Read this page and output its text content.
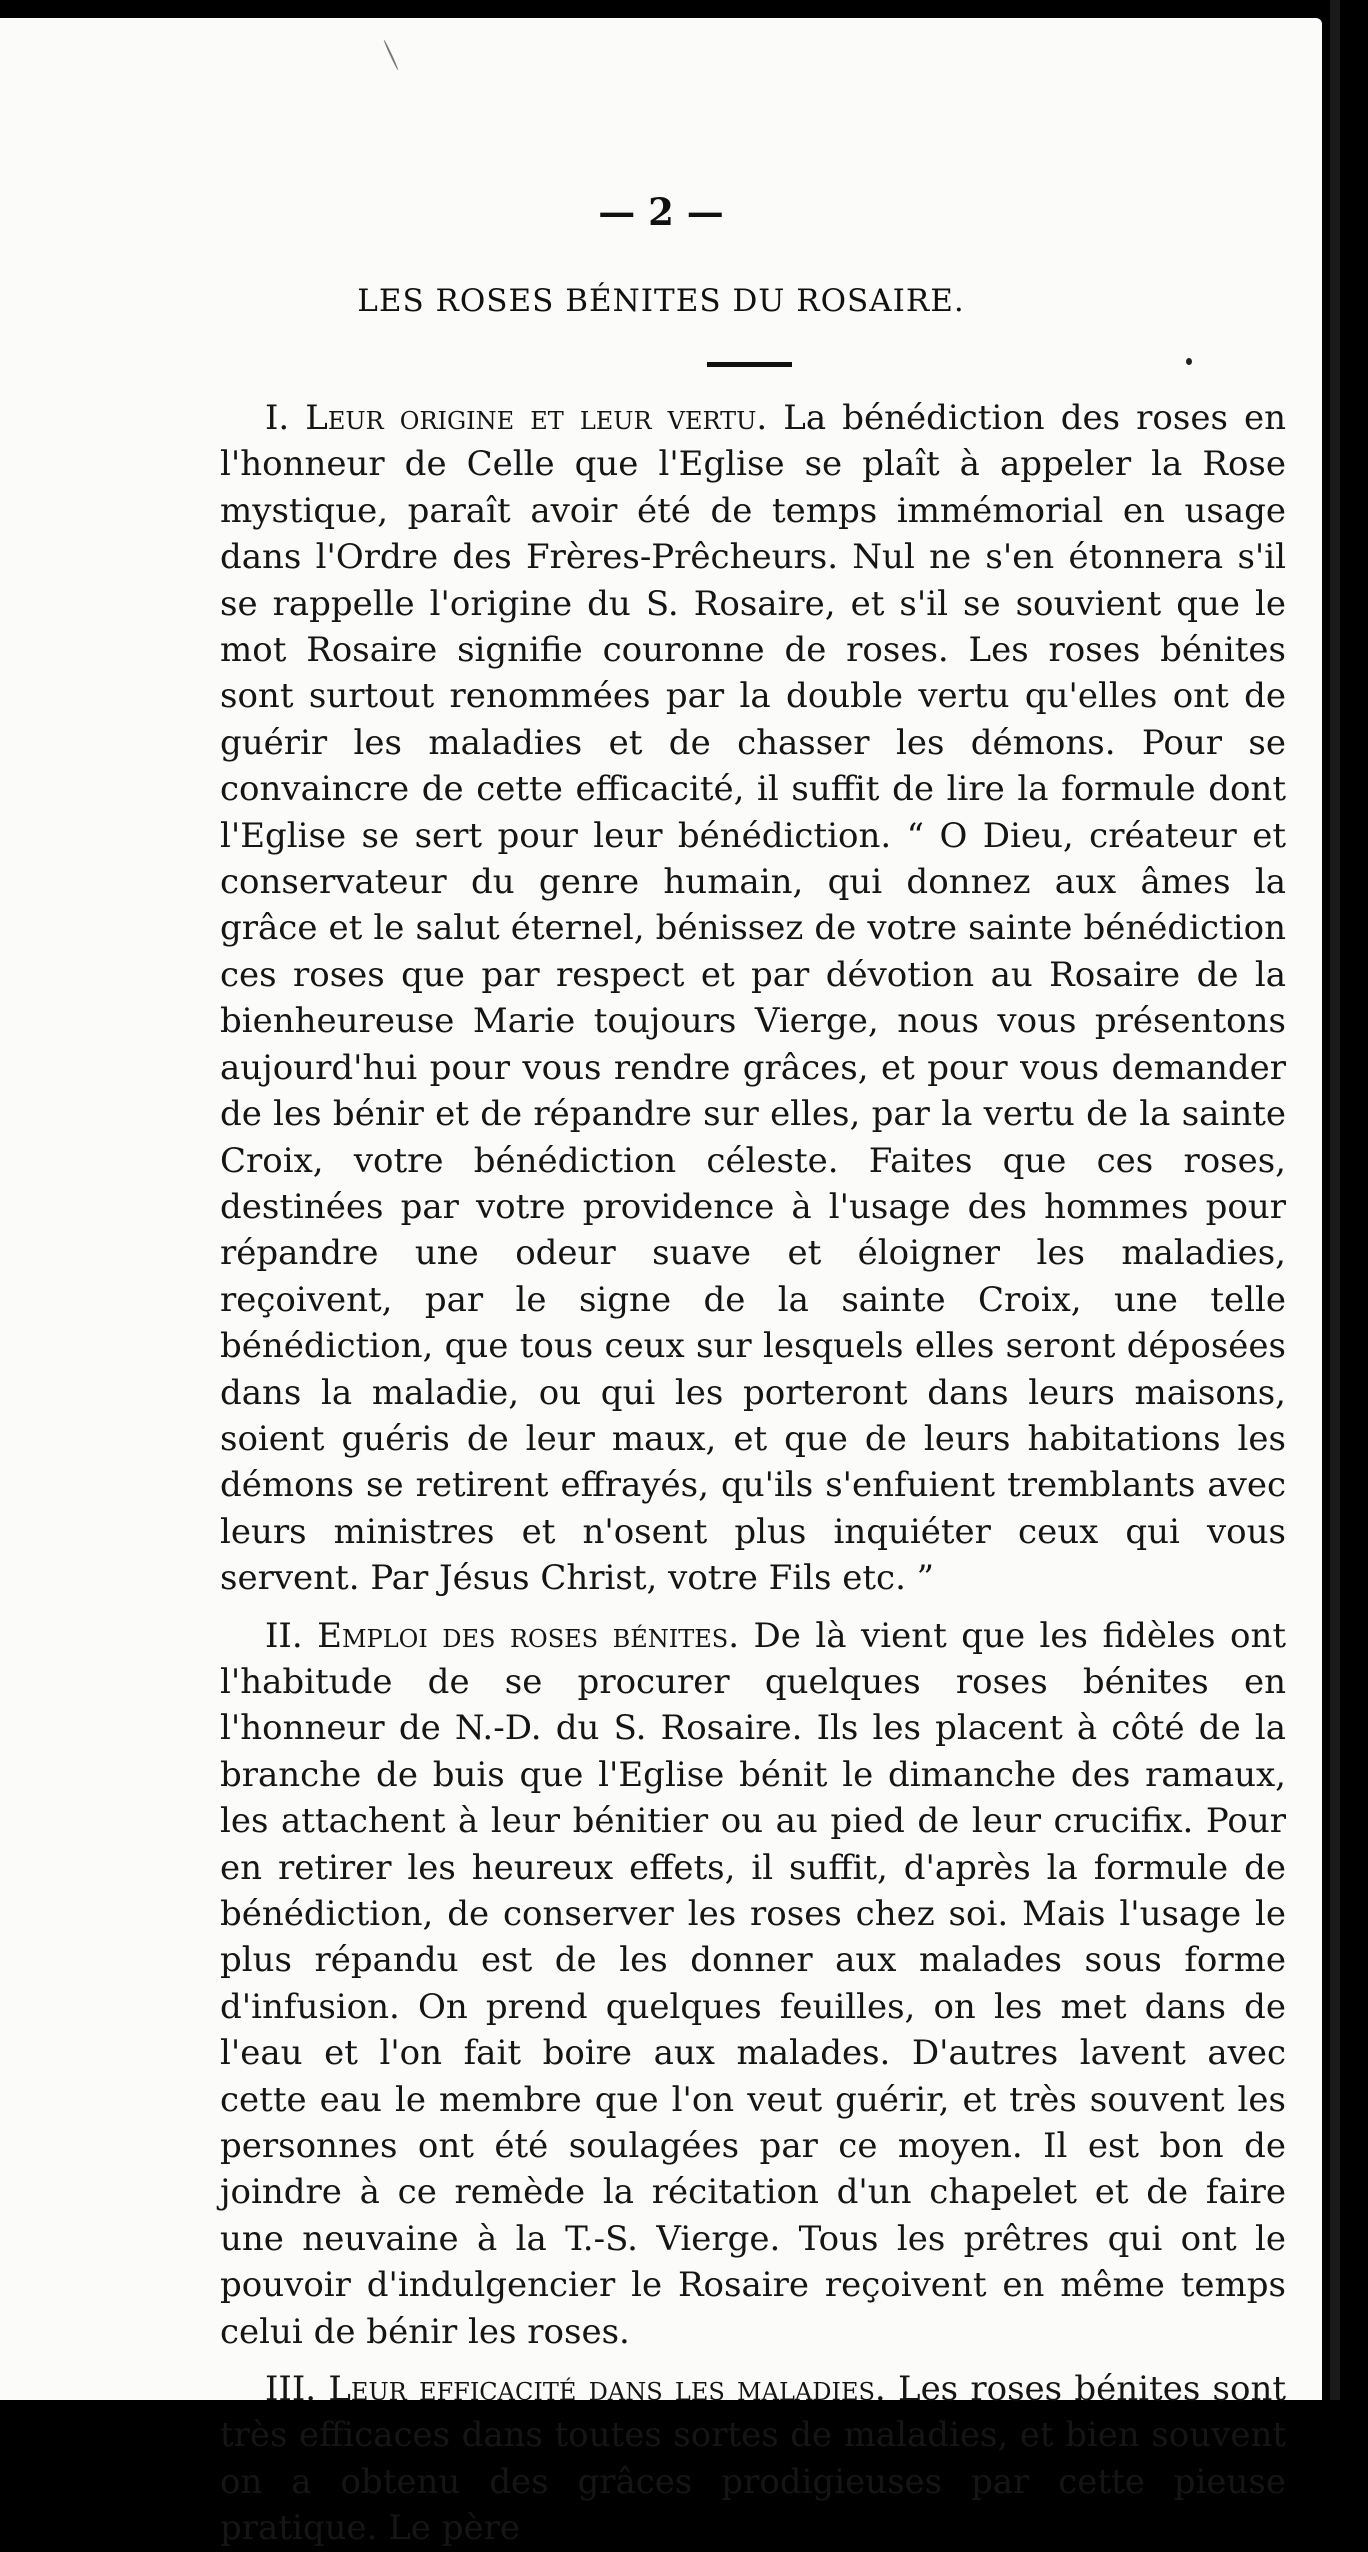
— 2 —
LES ROSES BÉNITES DU ROSAIRE.

I. Leur origine et leur vertu. La bénédiction des roses en l'honneur de Celle que l'Eglise se plaît à appeler la Rose mystique, paraît avoir été de temps immémorial en usage dans l'Ordre des Frères-Prêcheurs. Nul ne s'en étonnera s'il se rappelle l'origine du S. Rosaire, et s'il se souvient que le mot Rosaire signifie couronne de roses. Les roses bénites sont surtout renommées par la double vertu qu'elles ont de guérir les maladies et de chasser les démons. Pour se convaincre de cette efficacité, il suffit de lire la formule dont l'Eglise se sert pour leur bénédiction. “ O Dieu, créateur et conservateur du genre humain, qui donnez aux âmes la grâce et le salut éternel, bénissez de votre sainte bénédiction ces roses que par respect et par dévotion au Rosaire de la bienheureuse Marie toujours Vierge, nous vous présentons aujourd'hui pour vous rendre grâces, et pour vous demander de les bénir et de répandre sur elles, par la vertu de la sainte Croix, votre bénédiction céleste. Faites que ces roses, destinées par votre providence à l'usage des hommes pour répandre une odeur suave et éloigner les maladies, reçoivent, par le signe de la sainte Croix, une telle bénédiction, que tous ceux sur lesquels elles seront déposées dans la maladie, ou qui les porteront dans leurs maisons, soient guéris de leur maux, et que de leurs habitations les démons se retirent effrayés, qu'ils s'enfuient tremblants avec leurs ministres et n'osent plus inquiéter ceux qui vous servent. Par Jésus Christ, votre Fils etc. ”

II. Emploi des roses bénites. De là vient que les fidèles ont l'habitude de se procurer quelques roses bénites en l'honneur de N.-D. du S. Rosaire. Ils les placent à côté de la branche de buis que l'Eglise bénit le dimanche des ramaux, les attachent à leur bénitier ou au pied de leur crucifix. Pour en retirer les heureux effets, il suffit, d'après la formule de bénédiction, de conserver les roses chez soi. Mais l'usage le plus répandu est de les donner aux malades sous forme d'infusion. On prend quelques feuilles, on les met dans de l'eau et l'on fait boire aux malades. D'autres lavent avec cette eau le membre que l'on veut guérir, et très souvent les personnes ont été soulagées par ce moyen. Il est bon de joindre à ce remède la récitation d'un chapelet et de faire une neuvaine à la T.-S. Vierge. Tous les prêtres qui ont le pouvoir d'indulgencier le Rosaire reçoivent en même temps celui de bénir les roses.

III. Leur efficacité dans les maladies. Les roses bénites sont très efficaces dans toutes sortes de maladies, et bien souvent on a obtenu des grâces prodigieuses par cette pieuse pratique. Le père
